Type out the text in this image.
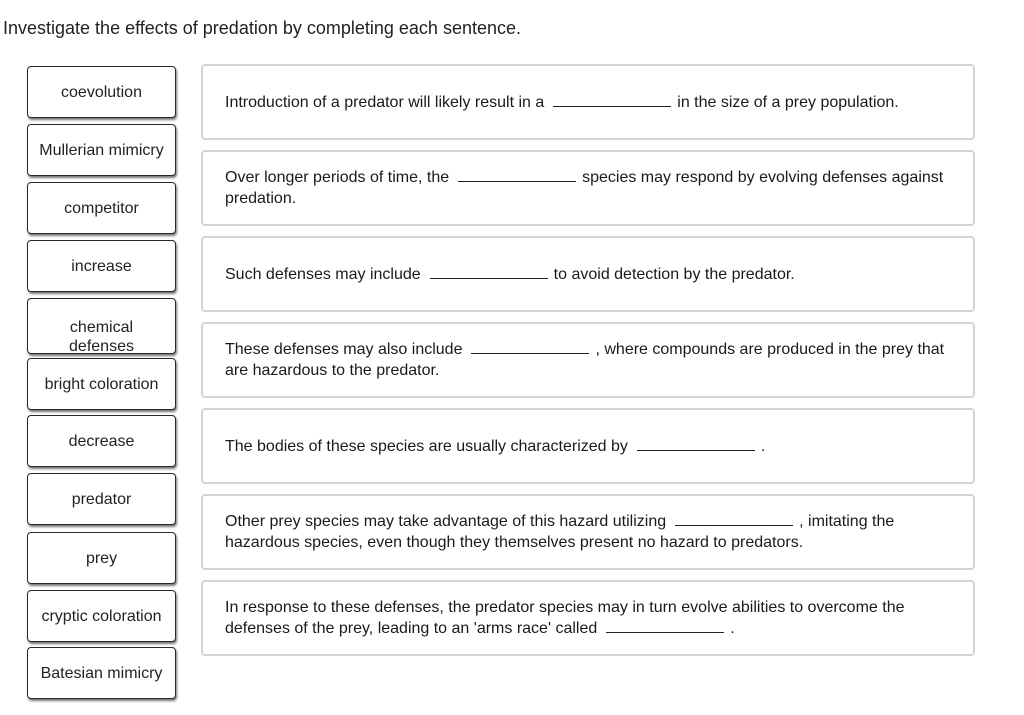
Investigate the effects of predation by completing each sentence.
coevolution
Mullerian mimicry
competitor
increase
chemical defenses
bright coloration
decrease
predator
prey
cryptic coloration
Batesian mimicry
Introduction of a predator will likely result in a	in the size of a prey population.
Over longer periods of time, the	species may respond by evolving defenses against predation.
Such defenses may include	to avoid detection by the predator.
These defenses may also include	, where compounds are produced in the prey that are hazardous to the predator.
The bodies of these species are usually characterized by	.
Other prey species may take advantage of this hazard utilizing	, imitating the hazardous species, even though they themselves present no hazard to predators.
In response to these defenses, the predator species may in turn evolve abilities to overcome the defenses of the prey, leading to an 'arms race' called	.
